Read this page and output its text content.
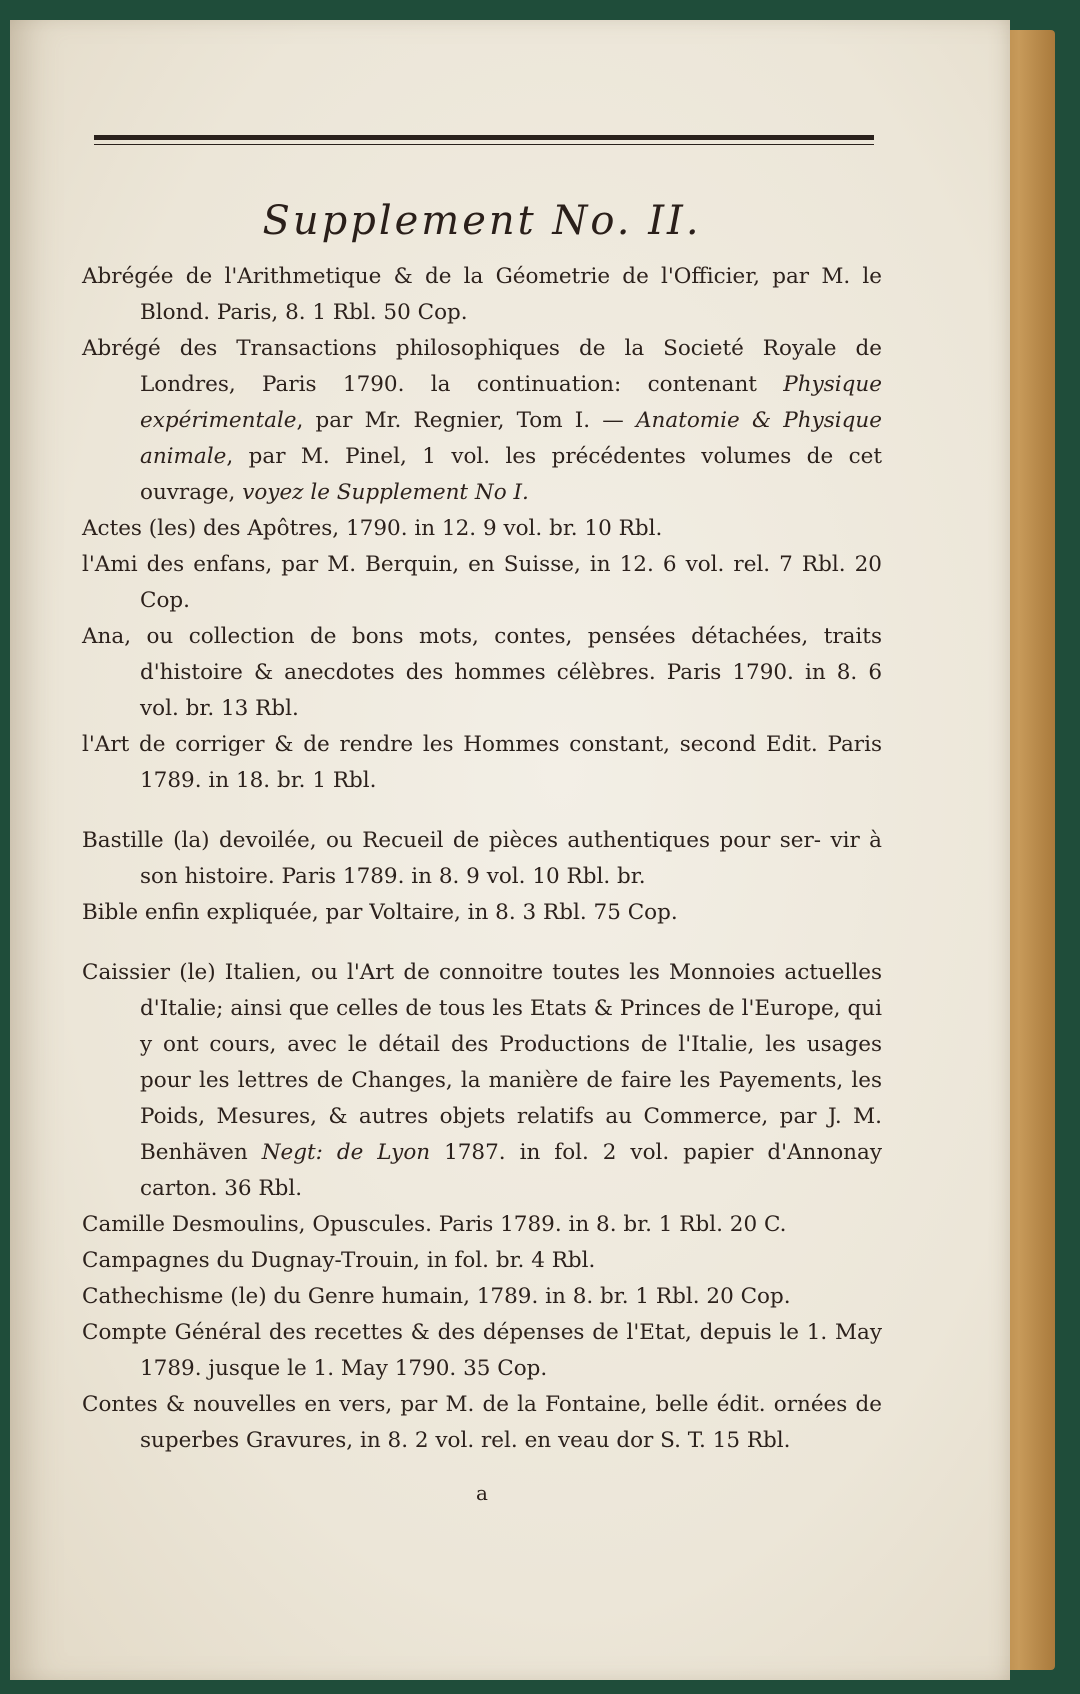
Supplement No. II.

Abrégée de l'Arithmetique & de la Géometrie de l'Officier, par M. le Blond. Paris, 8. 1 Rbl. 50 Cop.

Abrégé des Transactions philosophiques de la Societé Royale de Londres, Paris 1790. la continuation: contenant Physique expérimentale, par Mr. Regnier, Tom I. — Anatomie & Physique animale, par M. Pinel, 1 vol. les précédentes volumes de cet ouvrage, voyez le Supplement No I.

Actes (les) des Apôtres, 1790. in 12. 9 vol. br. 10 Rbl.

l'Ami des enfans, par M. Berquin, en Suisse, in 12. 6 vol. rel. 7 Rbl. 20 Cop.

Ana, ou collection de bons mots, contes, pensées détachées, traits d'histoire & anecdotes des hommes célèbres. Paris 1790. in 8. 6 vol. br. 13 Rbl.

l'Art de corriger & de rendre les Hommes constant, second Edit. Paris 1789. in 18. br. 1 Rbl.

Bastille (la) devoilée, ou Recueil de pièces authentiques pour ser- vir à son histoire. Paris 1789. in 8. 9 vol. 10 Rbl. br.

Bible enfin expliquée, par Voltaire, in 8. 3 Rbl. 75 Cop.

Caissier (le) Italien, ou l'Art de connoitre toutes les Monnoies actuelles d'Italie; ainsi que celles de tous les Etats & Princes de l'Europe, qui y ont cours, avec le détail des Productions de l'Italie, les usages pour les lettres de Changes, la manière de faire les Payements, les Poids, Mesures, & autres objets relatifs au Commerce, par J. M. Benhäven Negt: de Lyon 1787. in fol. 2 vol. papier d'Annonay carton. 36 Rbl.

Camille Desmoulins, Opuscules. Paris 1789. in 8. br. 1 Rbl. 20 C.

Campagnes du Dugnay-Trouin, in fol. br. 4 Rbl.

Cathechisme (le) du Genre humain, 1789. in 8. br. 1 Rbl. 20 Cop.

Compte Général des recettes & des dépenses de l'Etat, depuis le 1. May 1789. jusque le 1. May 1790. 35 Cop.

Contes & nouvelles en vers, par M. de la Fontaine, belle édit. ornées de superbes Gravures, in 8. 2 vol. rel. en veau dor S. T. 15 Rbl.

a
